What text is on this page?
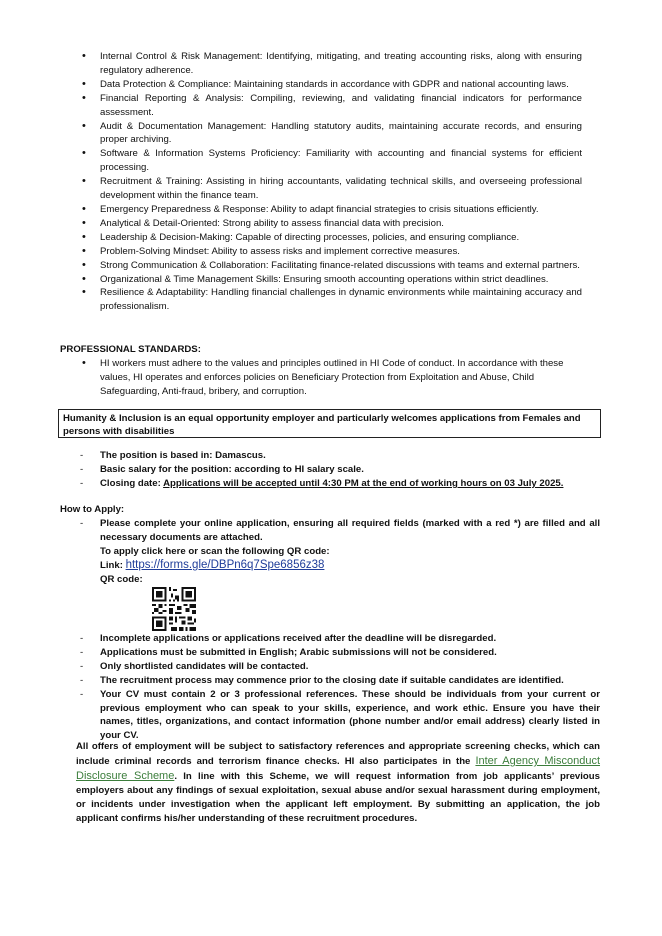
• Internal Control & Risk Management: Identifying, mitigating, and treating accounting risks, along with ensuring regulatory adherence.
• Data Protection & Compliance: Maintaining standards in accordance with GDPR and national accounting laws.
• Financial Reporting & Analysis: Compiling, reviewing, and validating financial indicators for performance assessment.
• Audit & Documentation Management: Handling statutory audits, maintaining accurate records, and ensuring proper archiving.
• Software & Information Systems Proficiency: Familiarity with accounting and financial systems for efficient processing.
• Recruitment & Training: Assisting in hiring accountants, validating technical skills, and overseeing professional development within the finance team.
• Emergency Preparedness & Response: Ability to adapt financial strategies to crisis situations efficiently.
• Analytical & Detail-Oriented: Strong ability to assess financial data with precision.
• Leadership & Decision-Making: Capable of directing processes, policies, and ensuring compliance.
• Problem-Solving Mindset: Ability to assess risks and implement corrective measures.
• Strong Communication & Collaboration: Facilitating finance-related discussions with teams and external partners.
• Organizational & Time Management Skills: Ensuring smooth accounting operations within strict deadlines.
• Resilience & Adaptability: Handling financial challenges in dynamic environments while maintaining accuracy and professionalism.
PROFESSIONAL STANDARDS:
• HI workers must adhere to the values and principles outlined in HI Code of conduct. In accordance with these values, HI operates and enforces policies on Beneficiary Protection from Exploitation and Abuse, Child Safeguarding, Anti-fraud, bribery, and corruption.
Humanity & Inclusion is an equal opportunity employer and particularly welcomes applications from Females and persons with disabilities
- The position is based in: Damascus.
- Basic salary for the position: according to HI salary scale.
- Closing date: Applications will be accepted until 4:30 PM at the end of working hours on 03 July 2025.
How to Apply:
- Please complete your online application, ensuring all required fields (marked with a red *) are filled and all necessary documents are attached.
To apply click here or scan the following QR code:
Link: https://forms.gle/DBPn6q7Spe6856z38
QR code:
- Incomplete applications or applications received after the deadline will be disregarded.
- Applications must be submitted in English; Arabic submissions will not be considered.
- Only shortlisted candidates will be contacted.
- The recruitment process may commence prior to the closing date if suitable candidates are identified.
- Your CV must contain 2 or 3 professional references. These should be individuals from your current or previous employment who can speak to your skills, experience, and work ethic. Ensure you have their names, titles, organizations, and contact information (phone number and/or email address) clearly listed in your CV.
All offers of employment will be subject to satisfactory references and appropriate screening checks, which can include criminal records and terrorism finance checks. HI also participates in the Inter Agency Misconduct Disclosure Scheme. In line with this Scheme, we will request information from job applicants’ previous employers about any findings of sexual exploitation, sexual abuse and/or sexual harassment during employment, or incidents under investigation when the applicant left employment. By submitting an application, the job applicant confirms his/her understanding of these recruitment procedures.
